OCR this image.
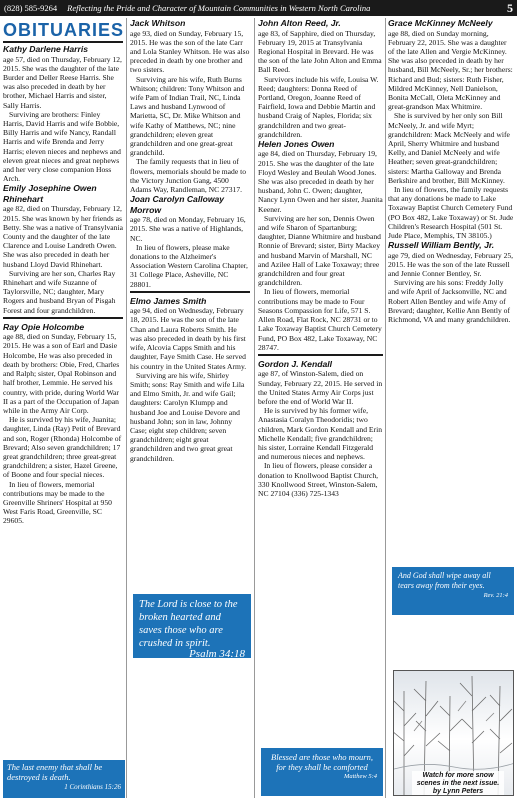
(828) 585-9264 Reflecting the Pride and Character of Mountain Communities in Western North Carolina	5
OBITUARIES
Kathy Darlene Harris

age 57, died on Thursday, February 12, 2015. She was the daughter of the late Burder and Deller Reese Harris. She was also preceded in death by her brother, Michael Harris and sister, Sally Harris.

Surviving are brothers: Finley Harris, David Harris and wife Bobbie, Billy Harris and wife Nancy, Randall Harris and wife Brenda and Jerry Harris; eleven nieces and nephews and eleven great nieces and great nephews and her very close companion Hoss Arch.

Emily Josephine Owen Rhinehart

age 82, died on Thursday, February 12, 2015. She was known by her friends as Betty. She was a native of Transylvania County and the daughter of the late Clarence and Louise Landreth Owen. She was also preceded in death her husband Lloyd David Rhinehart.

Surviving are her son, Charles Ray Rhinehart and wife Suzanne of Taylorsville, NC; daughter, Mary Rogers and husband Bryan of Pisgah Forest and four grandchildren.

Ray Opie Holcombe

age 88, died on Sunday, February 15, 2015. He was a son of Earl and Dasie Holcombe, He was also preceded in death by brothers: Obie, Fred, Charles and Ralph; sister, Opal Robinson and half brother, Lemmie. He served his country, with pride, during World War II as a part of the Occupation of Japan while in the Army Air Corp.

He is survived by his wife, Juanita; daughter, Linda (Ray) Petit of Brevard and son, Roger (Rhonda) Holcombe of Brevard; Also seven grandchildren; 17 great grandchildren; three great-great grandchildren; a sister, Hazel Greene, of Boone and four special nieces.

In lieu of flowers, memorial contributions may be made to the Greenville Shriners' Hospital at 950 West Faris Road, Greenville, SC 29605.

Jack Whitson

age 93, died on Sunday, February 15, 2015. He was the son of the late Carr and Lola Stanley Whitson. He was also preceded in death by one brother and two sisters.

Surviving are his wife, Ruth Burns Whitson; children: Tony Whitson and wife Pam of Indian Trail, NC, Linda Laws and husband Lynwood of Marietta, SC, Dr. Mike Whitson and wife Kathy of Matthews, NC; nine grandchildren; eleven great grandchildren and one great-great grandchild.

The family requests that in lieu of flowers, memorials should be made to the Victory Junction Gang, 4500 Adams Way, Randleman, NC 27317.

Joan Carolyn Calloway Morrow

age 78, died on Monday, February 16, 2015. She was a native of Highlands, NC.

In lieu of flowers, please make donations to the Alzheimer's Association Western Carolina Chapter, 31 College Place, Asheville, NC 28801.

Elmo James Smith

age 94, died on Wednesday, February 18, 2015. He was the son of the late Chan and Laura Roberts Smith. He was also preceded in death by his first wife, Alcovia Capps Smith and his daughter, Faye Smith Case. He served his country in the United States Army.

Surviving are his wife, Shirley Smith; sons: Ray Smith and wife Lila and Elmo Smith, Jr. and wife Gail; daughters: Carolyn Klumpp and husband Joe and Louise Devore and husband John; son in law, Johnny Case; eight step children; seven grandchildren; eight great grandchildren and two great great grandchildren.

John Alton Reed, Jr.

age 83, of Sapphire, died on Thursday, February 19, 2015 at Transylvania Regional Hospital in Brevard. He was the son of the late John Alton and Emma Ball Reed.

Survivors include his wife, Louisa W. Reed; daughters: Donna Reed of Portland, Oregon, Joanne Reed of Fairfield, Iowa and Debbie Martin and husband Craig of Naples, Florida; six grandchildren and two great-grandchildren.

Helen Jones Owen

age 84, died on Thursday, February 19, 2015. She was the daughter of the late Floyd Wesley and Beulah Wood Jones. She was also preceded in death by her husband, John C. Owen; daughter, Nancy Lynn Owen and her sister, Juanita Keener.

Surviving are her son, Dennis Owen and wife Sharon of Spartanburg; daughter, Dianne Whitmire and husband Ronnie of Brevard; sister, Birty Mackey and husband Marvin of Marshall, NC and Azilee Hall of Lake Toxaway; three grandchildren and four great grandchildren.

In lieu of flowers, memorial contributions may be made to Four Seasons Compassion for Life, 571 S. Allen Road, Flat Rock, NC 28731 or to Lake Toxaway Baptist Church Cemetery Fund, PO Box 482, Lake Toxaway, NC 28747.

Gordon J. Kendall

age 87, of Winston-Salem, died on Sunday, February 22, 2015. He served in the United States Army Air Corps just before the end of World War II.

He is survived by his former wife, Anastasia Coralyn Theodoridis; two children, Mark Gordon Kendall and Erin Michelle Kendall; five grandchildren; his sister, Lorraine Kendall Fitzgerald and numerous nieces and nephews.

In lieu of flowers, please consider a donation to Knollwood Baptist Church, 330 Knollwood Street, Winston-Salem, NC 27104 (336) 725-1343

Grace McKinney McNeely

age 88, died on Sunday morning, February 22, 2015. She was a daughter of the late Allen and Vergie McKinney. She was also preceded in death by her husband, Bill McNeely, Sr.; her brothers: Richard and Bud; sisters: Ruth Fisher, Mildred McKinney, Nell Danielson, Bonita McCall, Oleta McKinney and great-grandson Max Whitmire.

She is survived by her only son Bill McNeely, Jr. and wife Myrt; grandchildren: Mack McNeely and wife April, Sherry Whitmire and husband Kelly, and Daniel McNeely and wife Heather; seven great-grandchildren; sisters: Martha Galloway and Brenda Berkshire and brother, Bill McKinney.

In lieu of flowers, the family requests that any donations be made to Lake Toxaway Baptist Church Cemetery Fund (PO Box 482, Lake Toxaway) or St. Jude Children's Research Hospital (501 St. Jude Place, Memphis, TN 38105.)

Russell William Bently, Jr.

age 79, died on Wednesday, February 25, 2015. He was the son of the late Russell and Jennie Conner Bentley, Sr.

Surviving are his sons: Freddy Jolly and wife April of Jacksonville, NC and Robert Allen Bentley and wife Amy of Brevard; daughter, Kellie Ann Bently of Richmond, VA and many grandchildren.

The last enemy that shall be destroyed is death.
1 Corinthians 15:26
The Lord is close to the broken hearted and saves those who are crushed in spirit.
Psalm 34:18
Blessed are those who mourn, for they shall be comforted
Matthew 5:4
And God shall wipe away all tears away from their eyes.
Rev. 21:4
Watch for more snow scenes in the next issue. by Lynn Peters
